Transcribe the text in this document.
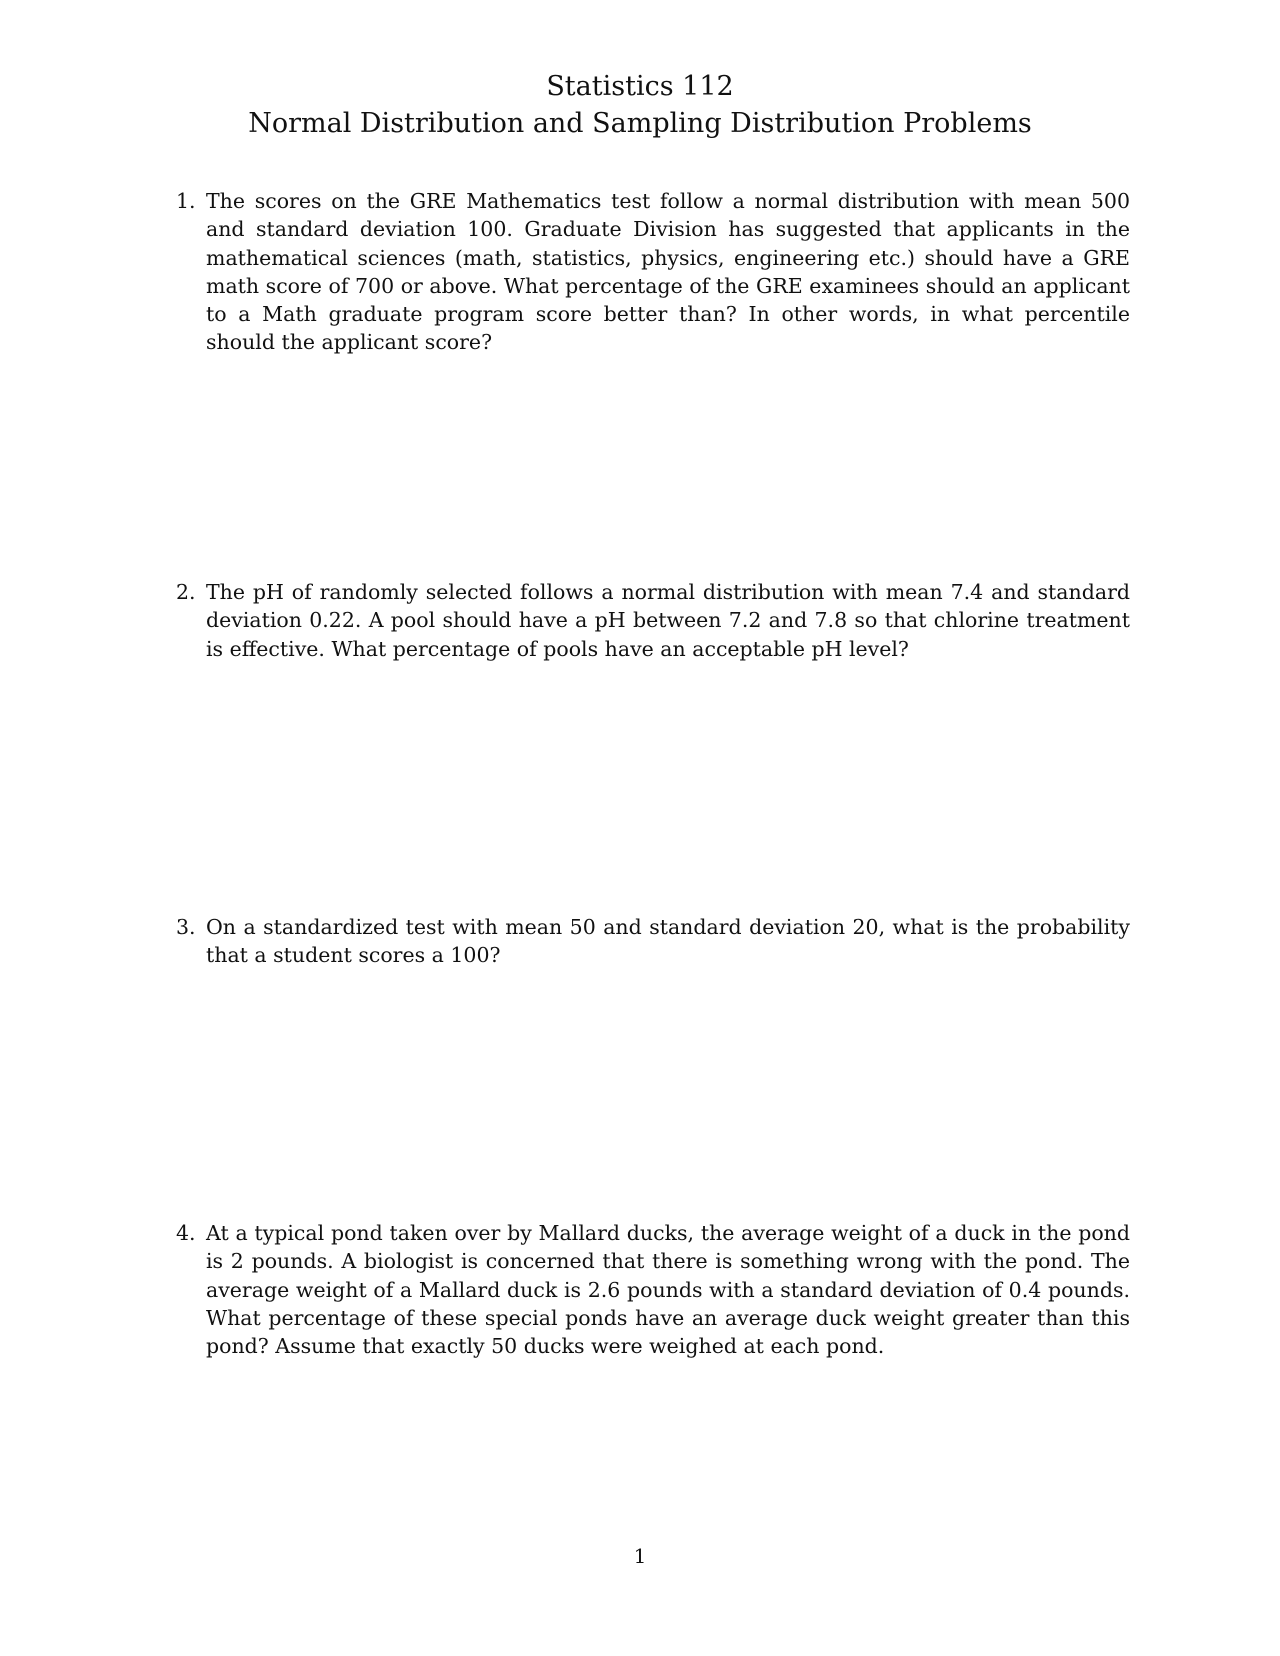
Statistics 112
Normal Distribution and Sampling Distribution Problems
1. The scores on the GRE Mathematics test follow a normal distribution with mean 500 and standard deviation 100. Graduate Division has suggested that applicants in the mathematical sciences (math, statistics, physics, engineering etc.) should have a GRE math score of 700 or above. What percentage of the GRE examinees should an applicant to a Math graduate program score better than? In other words, in what percentile should the applicant score?
2. The pH of randomly selected follows a normal distribution with mean 7.4 and standard deviation 0.22. A pool should have a pH between 7.2 and 7.8 so that chlorine treatment is effective. What percentage of pools have an acceptable pH level?
3. On a standardized test with mean 50 and standard deviation 20, what is the probability that a student scores a 100?
4. At a typical pond taken over by Mallard ducks, the average weight of a duck in the pond is 2 pounds. A biologist is concerned that there is something wrong with the pond. The average weight of a Mallard duck is 2.6 pounds with a standard deviation of 0.4 pounds. What percentage of these special ponds have an average duck weight greater than this pond? Assume that exactly 50 ducks were weighed at each pond.
1
